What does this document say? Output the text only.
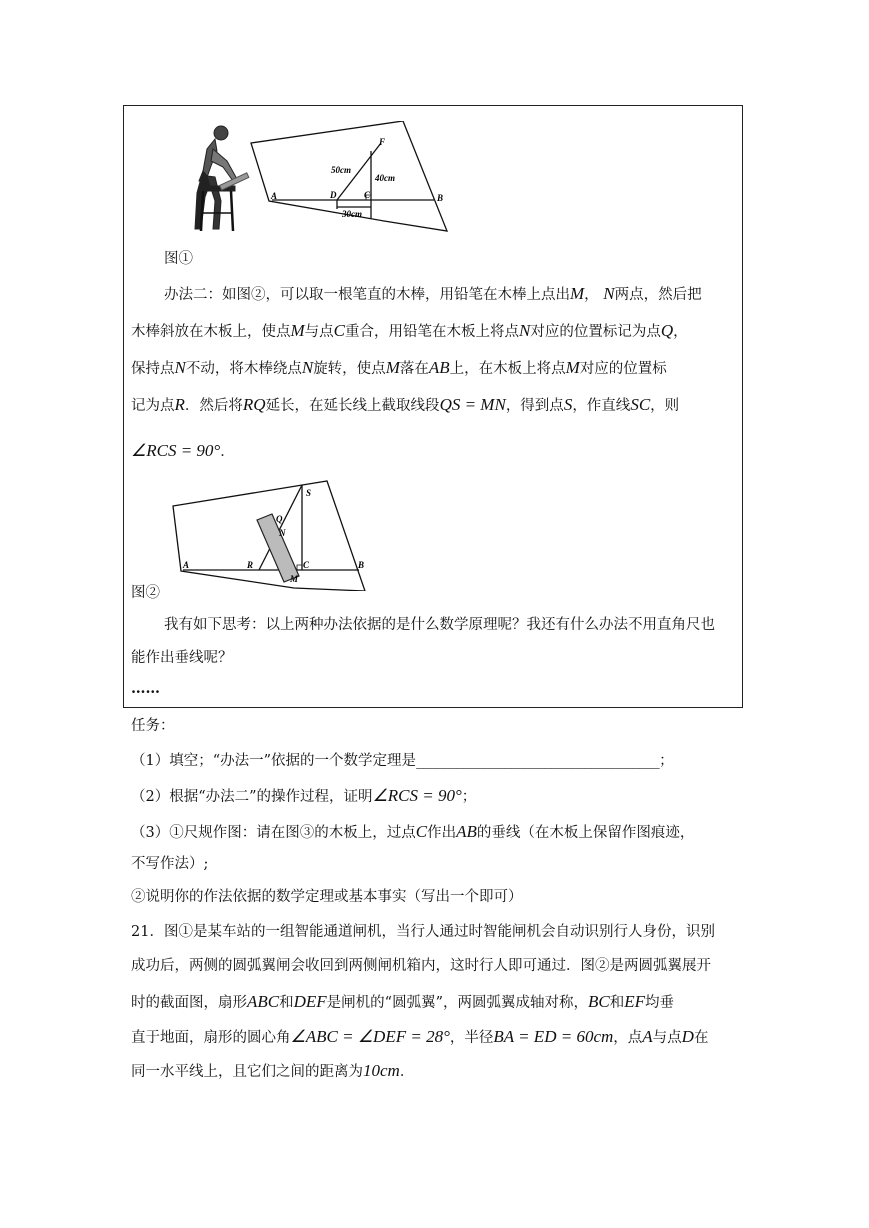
A	B
C
D
F
50cm
40cm
30cm
图①
办法二：如图②，可以取一根笔直的木棒，用铅笔在木棒上点出M， N两点，然后把
木棒斜放在木板上，使点M与点C重合，用铅笔在木板上将点N对应的位置标记为点Q，
保持点N不动，将木棒绕点N旋转，使点M落在AB上，在木板上将点M对应的位置标
记为点R．然后将RQ延长，在延长线上截取线段QS = MN，得到点S，作直线SC，则
∠RCS = 90°．
A	B
C
R
S
Q
N
M
图②
我有如下思考：以上两种办法依据的是什么数学原理呢？我还有什么办法不用直角尺也
能作出垂线呢？
……
任务：
（1）填空；“办法一”依据的一个数学定理是____________________________________；
（2）根据“办法二”的操作过程，证明∠RCS = 90°；
（3）①尺规作图：请在图③的木板上，过点C作出AB的垂线（在木板上保留作图痕迹，
不写作法）;
②说明你的作法依据的数学定理或基本事实（写出一个即可）
21．图①是某车站的一组智能通道闸机，当行人通过时智能闸机会自动识别行人身份，识别
成功后，两侧的圆弧翼闸会收回到两侧闸机箱内，这时行人即可通过．图②是两圆弧翼展开
时的截面图，扇形ABC和DEF是闸机的“圆弧翼”，两圆弧翼成轴对称，BC和EF均垂
直于地面，扇形的圆心角∠ABC = ∠DEF = 28°，半径BA = ED = 60cm，点A与点D在
同一水平线上，且它们之间的距离为10cm．
